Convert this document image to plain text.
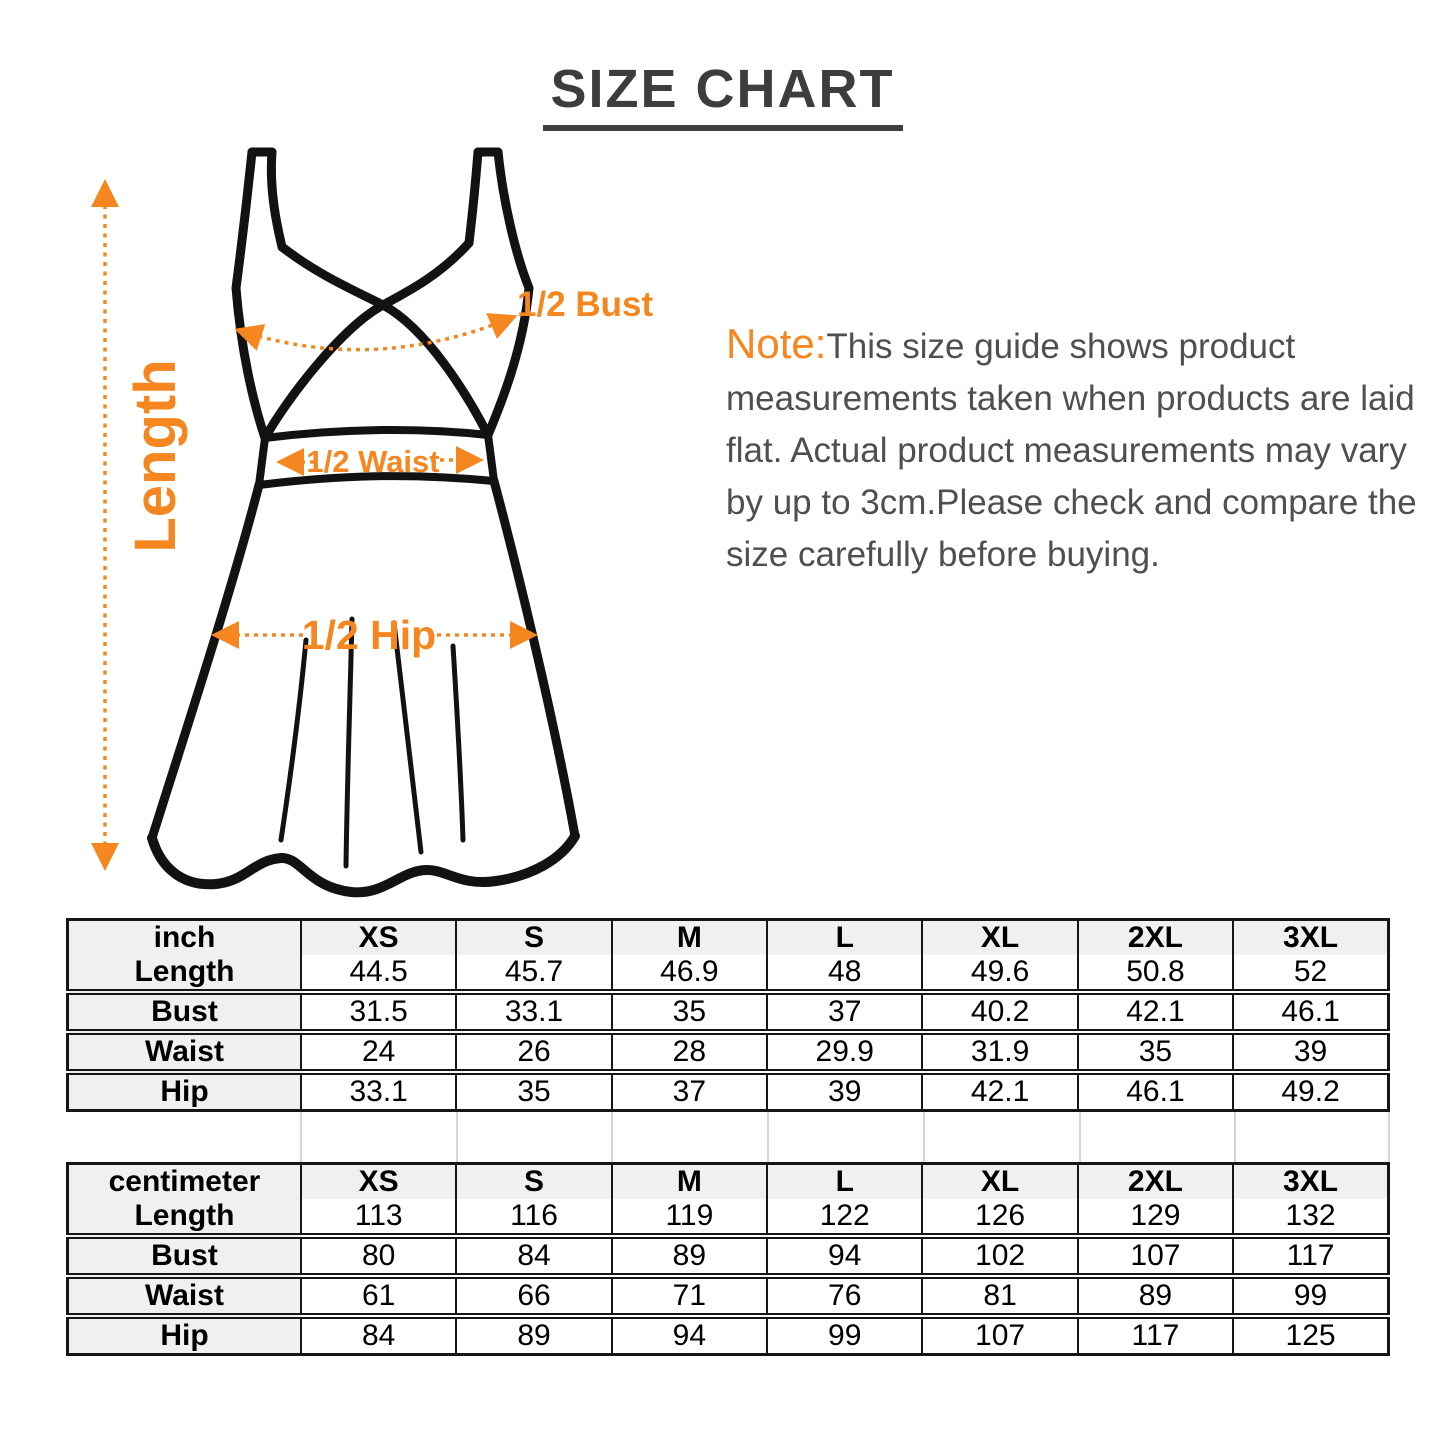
SIZE CHART
Length
1/2 Bust
1/2 Waist
1/2 Hip
Note:This size guide shows product measurements taken when products are laid flat. Actual product measurements may vary by up to 3cm.Please check and compare the size carefully before buying.
inch	XS	S	M	L	XL	2XL	3XL
Length	44.5	45.7	46.9	48	49.6	50.8	52
Bust	31.5	33.1	35	37	40.2	42.1	46.1
Waist	24	26	28	29.9	31.9	35	39
Hip	33.1	35	37	39	42.1	46.1	49.2
centimeter	XS	S	M	L	XL	2XL	3XL
Length	113	116	119	122	126	129	132
Bust	80	84	89	94	102	107	117
Waist	61	66	71	76	81	89	99
Hip	84	89	94	99	107	117	125
